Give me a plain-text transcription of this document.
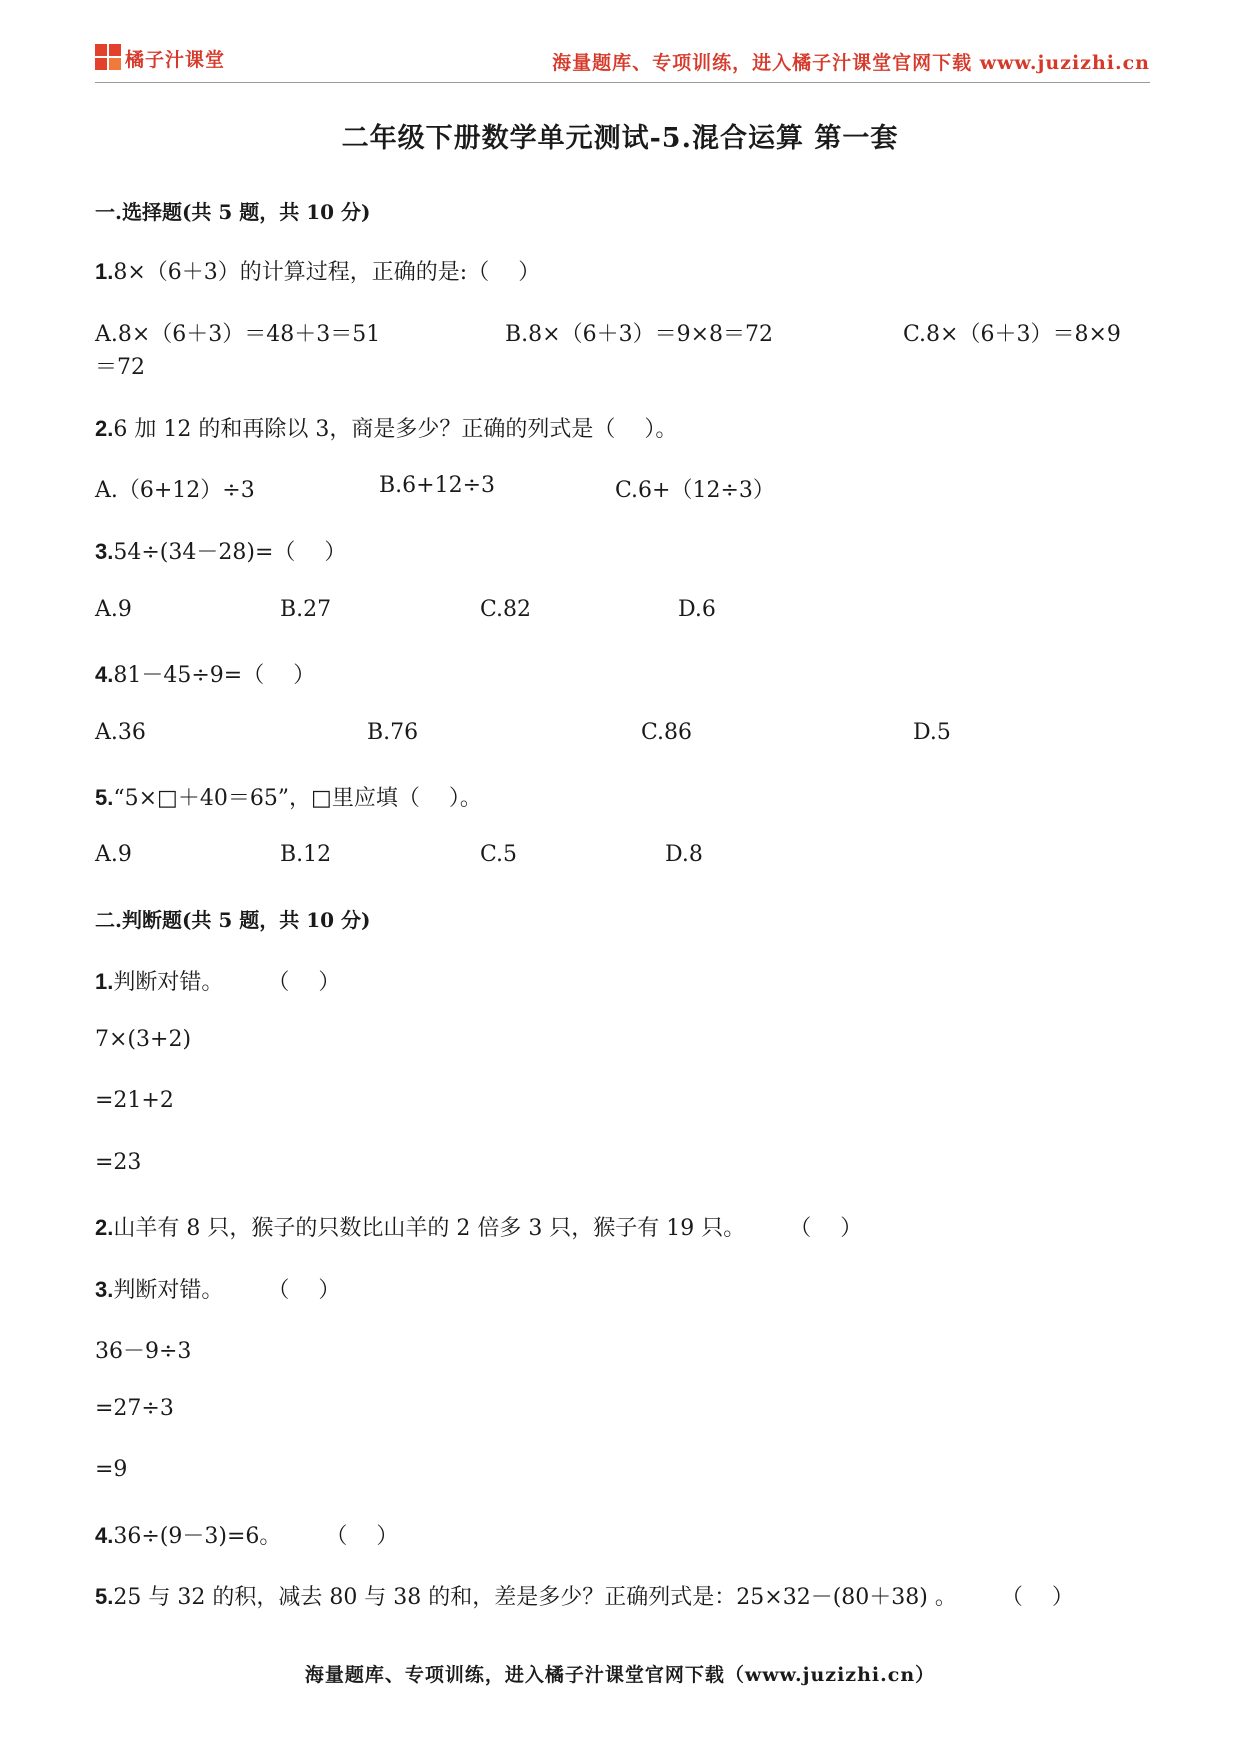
橘子汁课堂	海量题库、专项训练，进入橘子汁课堂官网下载 www.juzizhi.cn
二年级下册数学单元测试-5.混合运算 第一套
一.选择题(共 5 题，共 10 分)
1.8×（6＋3）的计算过程，正确的是:（　 ）
A.8×（6＋3）＝48＋3＝51	B.8×（6＋3）＝9×8＝72	C.8×（6＋3）＝8×9
＝72
2.6 加 12 的和再除以 3，商是多少？正确的列式是（　 ）。
A.（6+12）÷3	B.6+12÷3	C.6+（12÷3）
3.54÷(34－28)=（　 ）
A.9	B.27	C.82	D.6
4.81－45÷9=（　 ）
A.36	B.76	C.86	D.5
5.“5×□＋40＝65”，□里应填（　 ）。
A.9	B.12	C.5	D.8
二.判断题(共 5 题，共 10 分)
1.判断对错。　　　（　 ）
7×(3+2)
=21+2
=23
2.山羊有 8 只，猴子的只数比山羊的 2 倍多 3 只，猴子有 19 只。　　　（　 ）
3.判断对错。　　　（　 ）
36－9÷3
=27÷3
=9
4.36÷(9－3)=6。　　　（　 ）
5.25 与 32 的积，减去 80 与 38 的和，差是多少？正确列式是：25×32－(80＋38) 。　　　（　 ）
海量题库、专项训练，进入橘子汁课堂官网下载（www.juzizhi.cn）
